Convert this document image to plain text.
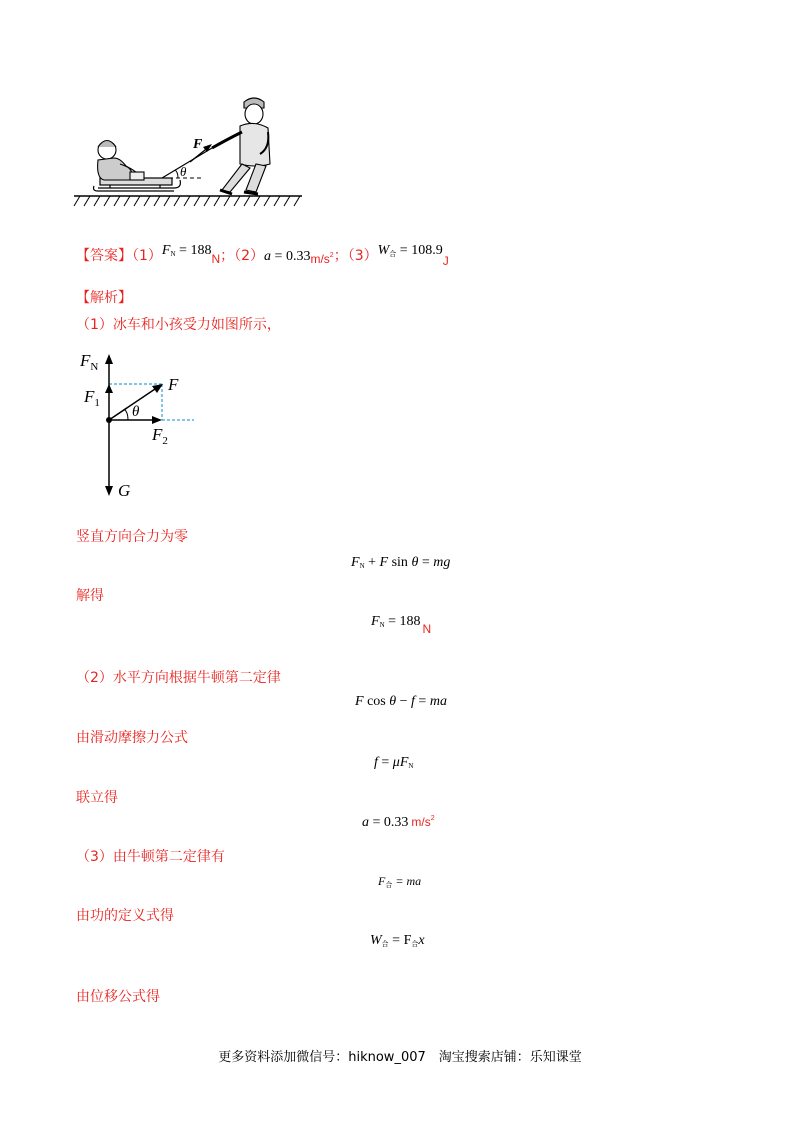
F
θ
【答案】$(1)F_N = 188N$；$(2)a = 0.33m/s^2$；$(3)W_合 = 108.9J$
【解析】
（1）冰车和小孩受力如图所示，
$F_N$
$F_1$
F
θ
$F_2$
G
竖直方向合力为零
$F_N + F$ sin θ = mg
解得
$F_N = 188$ N
（2）水平方向根据牛顿第二定律
F cos θ − f = ma
由滑动摩擦力公式
$f = \mu F_N$
联立得
a = 0.33 $m/s^2$
（3）由牛顿第二定律有
$F_合$ = ma
由功的定义式得
$W_合 = F_合x$
由位移公式得
更多资料添加微信号：hiknow_007　淘宝搜索店铺：乐知课堂
